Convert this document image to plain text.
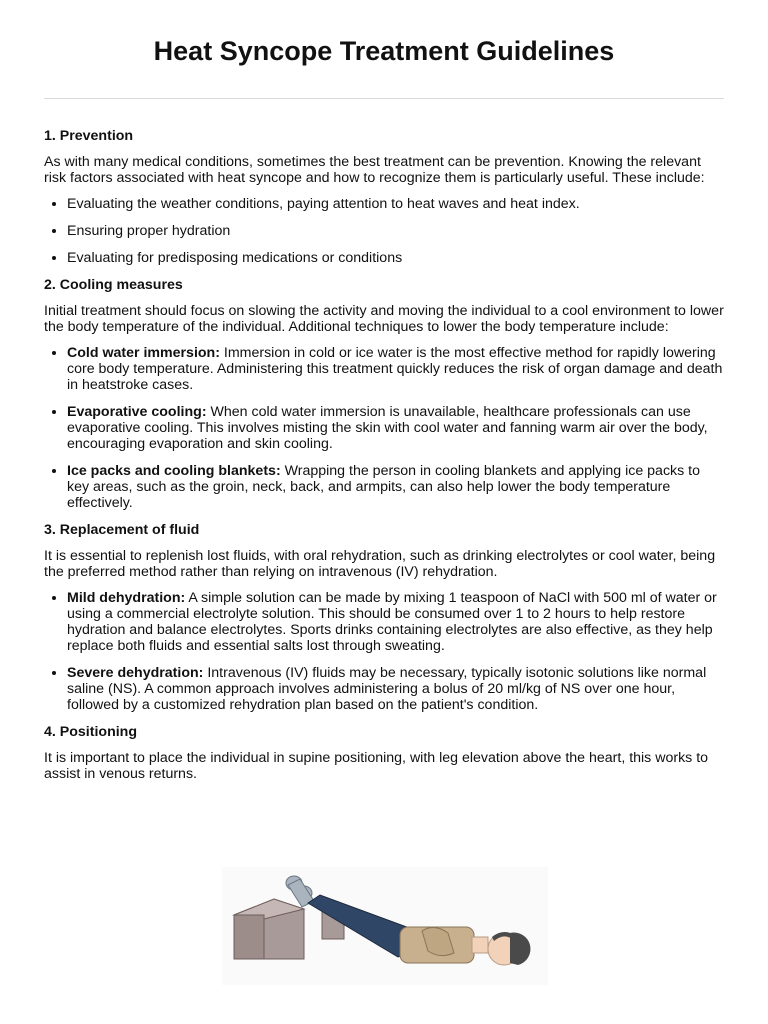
Heat Syncope Treatment Guidelines
1. Prevention

As with many medical conditions, sometimes the best treatment can be prevention. Knowing the relevant risk factors associated with heat syncope and how to recognize them is particularly useful. These include:

• Evaluating the weather conditions, paying attention to heat waves and heat index.
• Ensuring proper hydration
• Evaluating for predisposing medications or conditions
2. Cooling measures

Initial treatment should focus on slowing the activity and moving the individual to a cool environment to lower the body temperature of the individual. Additional techniques to lower the body temperature include:

• Cold water immersion: Immersion in cold or ice water is the most effective method for rapidly lowering core body temperature. Administering this treatment quickly reduces the risk of organ damage and death in heatstroke cases.
• Evaporative cooling: When cold water immersion is unavailable, healthcare professionals can use evaporative cooling. This involves misting the skin with cool water and fanning warm air over the body, encouraging evaporation and skin cooling.
• Ice packs and cooling blankets: Wrapping the person in cooling blankets and applying ice packs to key areas, such as the groin, neck, back, and armpits, can also help lower the body temperature effectively.
3. Replacement of fluid

It is essential to replenish lost fluids, with oral rehydration, such as drinking electrolytes or cool water, being the preferred method rather than relying on intravenous (IV) rehydration.

• Mild dehydration: A simple solution can be made by mixing 1 teaspoon of NaCl with 500 ml of water or using a commercial electrolyte solution. This should be consumed over 1 to 2 hours to help restore hydration and balance electrolytes. Sports drinks containing electrolytes are also effective, as they help replace both fluids and essential salts lost through sweating.
• Severe dehydration: Intravenous (IV) fluids may be necessary, typically isotonic solutions like normal saline (NS). A common approach involves administering a bolus of 20 ml/kg of NS over one hour, followed by a customized rehydration plan based on the patient's condition.
4. Positioning

It is important to place the individual in supine positioning, with leg elevation above the heart, this works to assist in venous returns.
